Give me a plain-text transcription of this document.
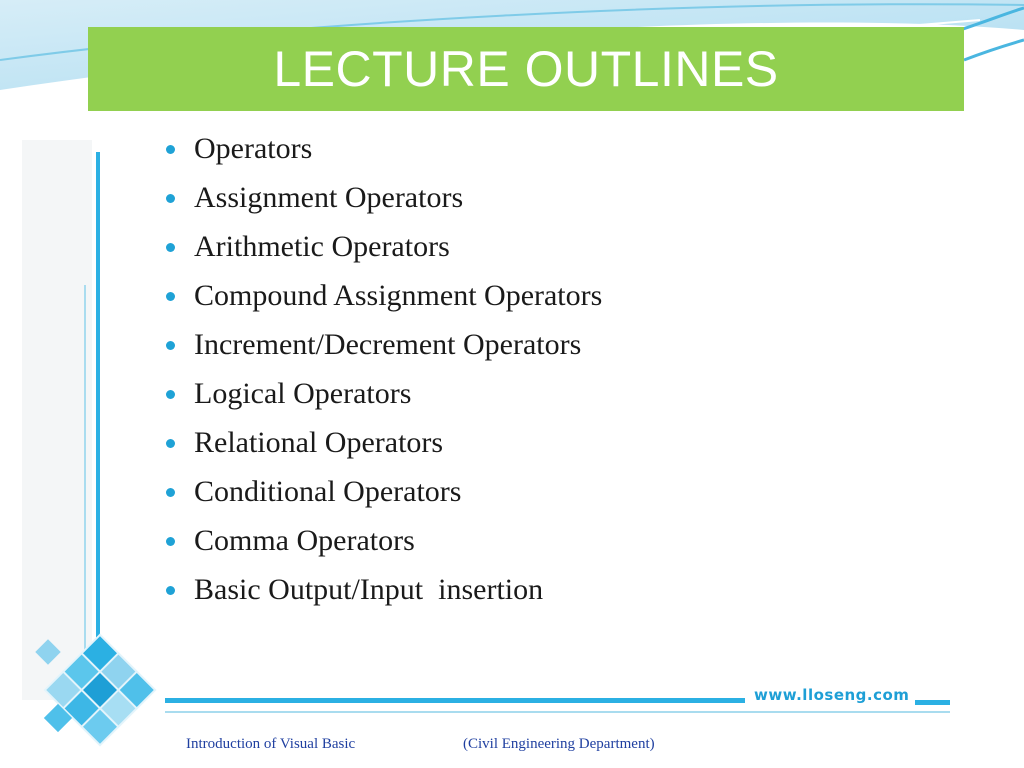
LECTURE OUTLINES
Operators
Assignment Operators
Arithmetic Operators
Compound Assignment Operators
Increment/Decrement Operators
Logical Operators
Relational Operators
Conditional Operators
Comma Operators
Basic Output/Input  insertion
www.lloseng.com
Introduction of Visual Basic	(Civil Engineering Department)
